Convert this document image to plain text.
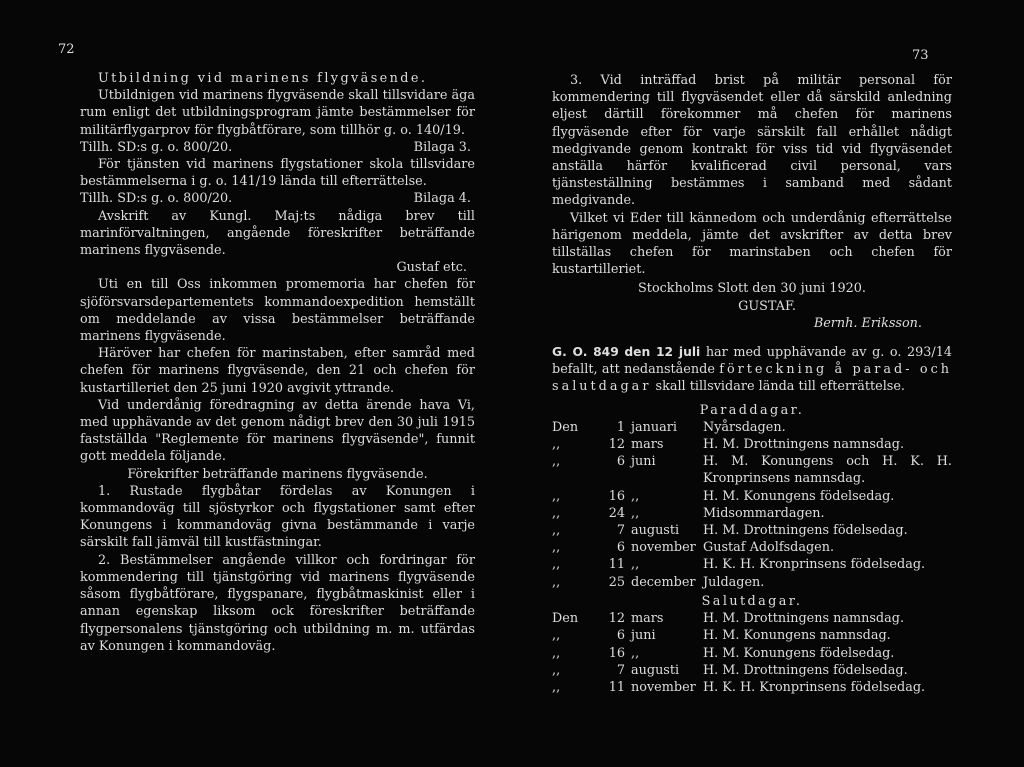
72

Utbildning vid marinens flygväsende.

Utbildnigen vid marinens flygväsende skall tillsvidare äga rum enligt det utbildningsprogram jämte bestämmelser för militärflygarprov för flygbåtförare, som tillhör g. o. 140/19.

Tillh. SD:s g. o. 800/20.	Bilaga 3.

För tjänsten vid marinens flygstationer skola tillsvidare bestämmelserna i g. o. 141/19 lända till efterrättelse.

Tillh. SD:s g. o. 800/20.	Bilaga 4.

Avskrift av Kungl. Maj:ts nådiga brev till marinförvaltningen, angående föreskrifter beträffande marinens flygväsende.

Gustaf etc.

Uti en till Oss inkommen promemoria har chefen för sjöförsvarsdepartementets kommandoexpedition hemställt om meddelande av vissa bestämmelser beträffande marinens flygväsende.

Häröver har chefen för marinstaben, efter samråd med chefen för marinens flygväsende, den 21 och chefen för kustartilleriet den 25 juni 1920 avgivit yttrande.

Vid underdånig föredragning av detta ärende hava Vi, med upphävande av det genom nådigt brev den 30 juli 1915 fastställda "Reglemente för marinens flygväsende", funnit gott meddela följande.

Förekrifter beträffande marinens flygväsende.

1. Rustade flygbåtar fördelas av Konungen i kommandoväg till sjöstyrkor och flygstationer samt efter Konungens i kommandoväg givna bestämmande i varje särskilt fall jämväl till kustfästningar.

2. Bestämmelser angående villkor och fordringar för kommendering till tjänstgöring vid marinens flygväsende såsom flygbåtförare, flygspanare, flygbåtmaskinist eller i annan egenskap liksom ock föreskrifter beträffande flygpersonalens tjänstgöring och utbildning m. m. utfärdas av Konungen i kommandoväg.

73

3. Vid inträffad brist på militär personal för kommendering till flygväsendet eller då särskild anledning eljest därtill förekommer må chefen för marinens flygväsende efter för varje särskilt fall erhållet nådigt medgivande genom kontrakt för viss tid vid flygväsendet anställa härför kvalificerad civil personal, vars tjänsteställning bestämmes i samband med sådant medgivande.

Vilket vi Eder till kännedom och underdånig efterrättelse härigenom meddela, jämte det avskrifter av detta brev tillställas chefen för marinstaben och chefen för kustartilleriet.

Stockholms Slott den 30 juni 1920.

GUSTAF.

Bernh. Eriksson.

G. O. 849 den 12 juli har med upphävande av g. o. 293/14 befallt, att nedanstående förteckning å parad- och salutdagar skall tillsvidare lända till efterrättelse.

Paraddagar.

Den	1	januari	Nyårsdagen.
,,	12	mars	H. M. Drottningens namnsdag.
,,	6	juni	H. M. Konungens och H. K. H. Kronprinsens namnsdag.
,,	16	,,	H. M. Konungens födelsedag.
,,	24	,,	Midsommardagen.
,,	7	augusti	H. M. Drottningens födelsedag.
,,	6	november	Gustaf Adolfsdagen.
,,	11	,,	H. K. H. Kronprinsens födelsedag.
,,	25	december	Juldagen.

Salutdagar.

Den	12	mars	H. M. Drottningens namnsdag.
,,	6	juni	H. M. Konungens namnsdag.
,,	16	,,	H. M. Konungens födelsedag.
,,	7	augusti	H. M. Drottningens födelsedag.
,,	11	november	H. K. H. Kronprinsens födelsedag.
